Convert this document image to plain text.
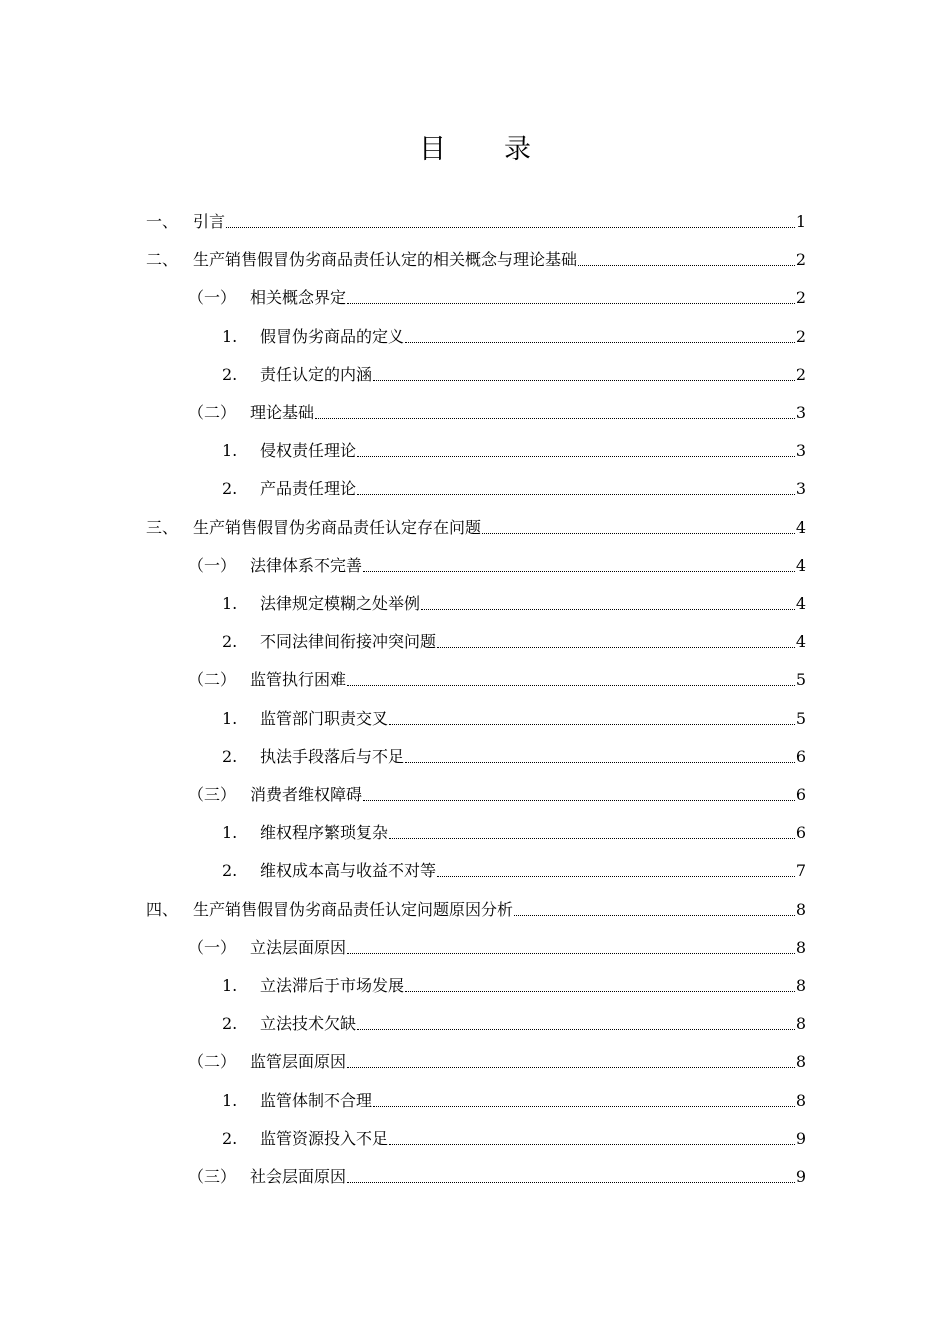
目 录
一、 引言	1
二、 生产销售假冒伪劣商品责任认定的相关概念与理论基础	2
（一） 相关概念界定	2
1.	假冒伪劣商品的定义	2
2.	责任认定的内涵	2
（二） 理论基础	3
1.	侵权责任理论	3
2.	产品责任理论	3
三、 生产销售假冒伪劣商品责任认定存在问题	4
（一） 法律体系不完善	4
1.	法律规定模糊之处举例	4
2.	不同法律间衔接冲突问题	4
（二） 监管执行困难	5
1.	监管部门职责交叉	5
2.	执法手段落后与不足	6
（三） 消费者维权障碍	6
1.	维权程序繁琐复杂	6
2.	维权成本高与收益不对等	7
四、 生产销售假冒伪劣商品责任认定问题原因分析	8
（一） 立法层面原因	8
1.	立法滞后于市场发展	8
2.	立法技术欠缺	8
（二） 监管层面原因	8
1.	监管体制不合理	8
2.	监管资源投入不足	9
（三） 社会层面原因	9
